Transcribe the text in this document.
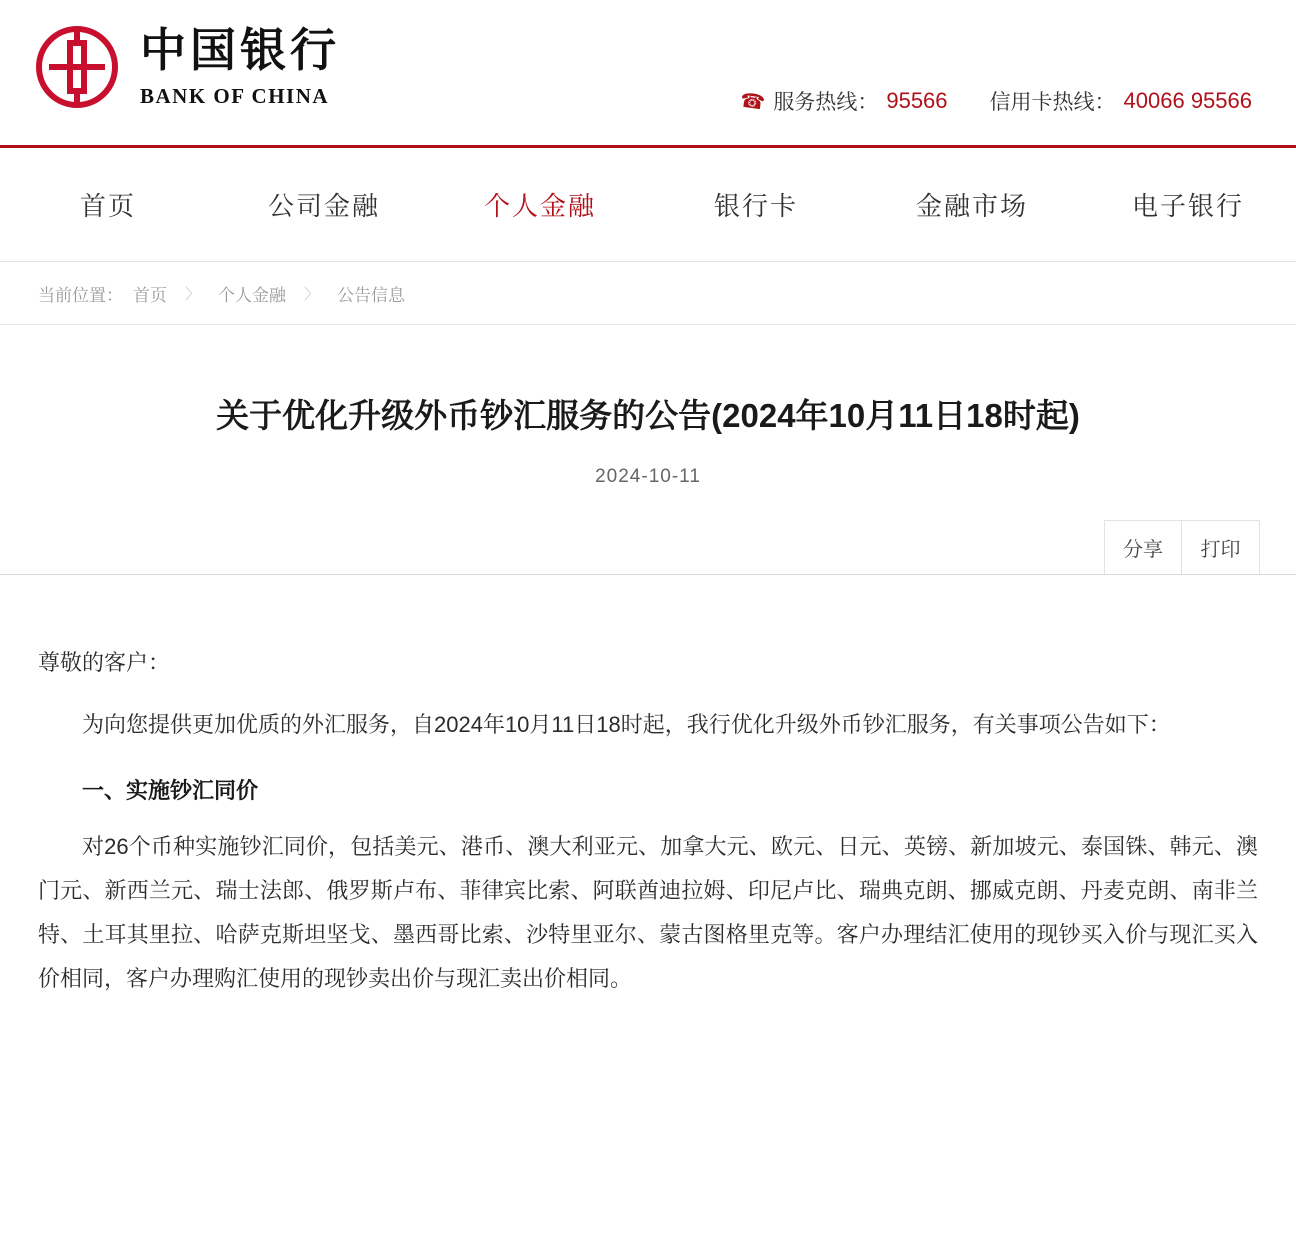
中国银行
BANK OF CHINA	☎ 服务热线： 95566 信用卡热线： 40066 95566
首页	公司金融	个人金融	银行卡	金融市场	电子银行
当前位置： 首页 〉 个人金融 〉 公告信息
关于优化升级外币钞汇服务的公告(2024年10月11日18时起)
2024-10-11
分享	打印

尊敬的客户：

为向您提供更加优质的外汇服务，自2024年10月11日18时起，我行优化升级外币钞汇服务，有关事项公告如下：

一、实施钞汇同价

对26个币种实施钞汇同价，包括美元、港币、澳大利亚元、加拿大元、欧元、日元、英镑、新加坡元、泰国铢、韩元、澳门元、新西兰元、瑞士法郎、俄罗斯卢布、菲律宾比索、阿联酋迪拉姆、印尼卢比、瑞典克朗、挪威克朗、丹麦克朗、南非兰特、土耳其里拉、哈萨克斯坦坚戈、墨西哥比索、沙特里亚尔、蒙古图格里克等。客户办理结汇使用的现钞买入价与现汇买入价相同，客户办理购汇使用的现钞卖出价与现汇卖出价相同。
